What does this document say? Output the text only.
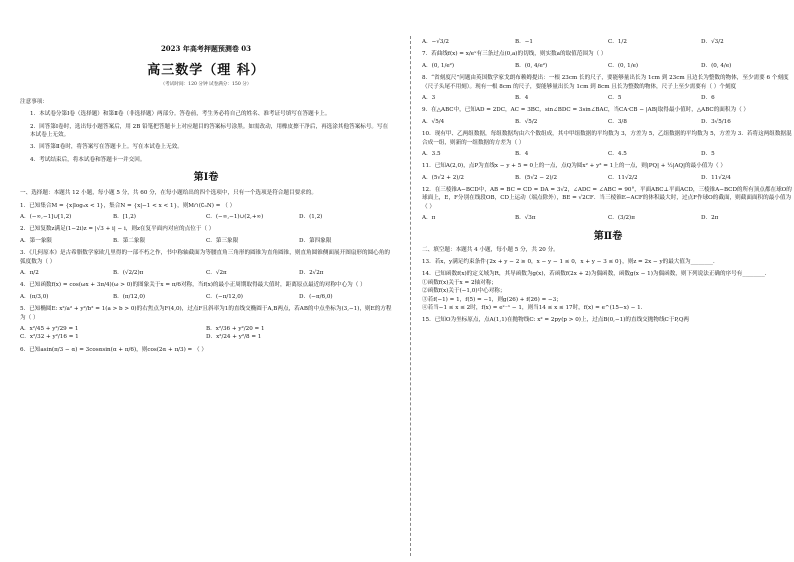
2023 年高考押题预测卷 03
高三数学（理 科）
（考试时间：120 分钟 试卷满分：150 分）
注意事项：
1．本试卷分第Ⅰ卷（选择题）和第Ⅱ卷（非选择题）两部分。答卷前，考生务必将自己的姓名、准考证号填写在答题卡上。
2．回答第Ⅰ卷时，选出每小题答案后，用 2B 铅笔把答题卡上对应题目的答案标号涂黑。如需改动，用橡皮擦干净后，再选涂其他答案标号。写在本试卷上无效。
3．回答第Ⅱ卷时，将答案写在答题卡上。写在本试卷上无效。
4．考试结束后，将本试卷和答题卡一并交回。
第Ⅰ卷
一、选择题：本题共 12 小题，每小题 5 分，共 60 分，在每小题给出的四个选项中，只有一个选项是符合题目要求的。
1．已知集合M = {x|log₃x < 1}，集合N = {x|−1 < x < 1}，则M∩(∁ₙN) = （ ）
A．(−∞,−1]∪[1,2)	B．[1,2)	C．(−∞,−1)∪(2,+∞)	D．(1,2)
2．已知复数z满足(1−2i)z = |√3 + i| − i，则z在复平面内对应的点位于（ ）
A．第一象限	B．第二象限	C．第三象限	D．第四象限
3．《几何原本》是古希腊数学家欧几里得的一部不朽之作，书中称轴截面为等腰直角三角形的圆锥为直角圆锥，则直角圆锥侧面展开图扇形的圆心角的弧度数为（ ）
A．π/2	B．(√2/2)π	C．√2π	D．2√2π
4．已知函数f(x) = cos(ωx + 3π/4)(ω > 0)的图象关于x = π/6对称，当f(x)的最小正周期取得最大值时，距离原点最近的对称中心为（ ）
A．(π/3,0)	B．(π/12,0)	C．(−π/12,0)	D．(−π/6,0)
5．已知椭圆E: x²/a² + y²/b² = 1(a > b > 0)的右焦点为F(4,0)，过点F且斜率为1的直线交椭圆于A,B两点，若AB的中点坐标为(3,−1)，则E的方程为（ ）
A．x²/45 + y²/29 = 1	B．x²/36 + y²/20 = 1
C．x²/32 + y²/16 = 1	D．x²/24 + y²/8 = 1
6．已知asin(π/3 − α) = 3cosαsin(α + π/6)，则cos(2α + π/3) = （ ）
A．−√3/2	B．−1	C．1/2	D．√3/2
7．若曲线f(x) = x/eˣ有三条过点(0,a)的切线，则实数a的取值范围为（ ）
A．(0, 1/e²)	B．(0, 4/e²)	C．(0, 1/e)	D．(0, 4/e)
8．“省刻度尺”问题由英国数学家戈朗布赖姆提出：一根 23cm 长的尺子，要能够量出长为 1cm 到 23cm 且边长为整数的物体，至少需要 6 个刻度（尺子头尾不用刻）。现有一根 8cm 的尺子，要能够量出长为 1cm 到 8cm 且长为整数的物体，尺子上至少需要有（ ）个刻度
A．3	B．4	C．5	D．6
9．在△ABC中，已知AD = 2DC，AC = 3BC，sin∠BDC = 3sin∠BAC，当CA·CB − |AB|取得最小值时，△ABC的面积为（ ）
A．√5/4	B．√5/2	C．3/8	D．3√5/16
10．现有甲、乙两组数据，每组数据均由六个数组成，其中甲组数据的平均数为 3，方差为 5，乙组数据的平均数为 5，方差为 3．若将这两组数据混合成一组，则新的一组数据的方差为（ ）
A．3.5	B．4	C．4.5	D．5
11．已知A(2,0)，点P为直线x − y + 5 = 0上的一点，点Q为圆x² + y² = 1上的一点，则|PQ| + ½|AQ|的最小值为（ ）
A．(5√2 + 2)/2	B．(5√2 − 2)/2	C．11√2/2	D．11√2/4
12．在三棱锥A−BCD中，AB = BC = CD = DA = 3√2，∠ADC = ∠ABC = 90°，平面ABC⊥平面ACD，三棱锥A−BCD的所有顶点都在球O的球面上，E，F分别在线段OB，CD上运动（端点除外），BE = √2CF．当三棱锥E−ACF的体积最大时，过点F作球O的截面，则截面面积的最小值为（ ）
A．π	B．√3π	C．(3/2)π	D．2π
第Ⅱ卷
二、填空题：本题共 4 小题，每小题 5 分，共 20 分。
13．若x，y满足约束条件{2x + y − 2 ≥ 0，x − y − 1 ≤ 0，x + y − 3 ≤ 0}，则z = 2x − y的最大值为________．
14．已知函数f(x)的定义域为R，其导函数为g(x)，若函数f(2x + 2)为偶函数，函数g(x − 1)为偶函数，则下列说法正确的序号有________．
①函数f(x)关于x = 2轴对称；
②函数f(x)关于(−1,0)中心对称；
③若f(−1) = 1，f(5) = −1，则g(26) + f(26) = −3；
④若当−1 ≤ x ≤ 2时，f(x) = eˣ⁻¹ − 1，则当14 ≤ x ≤ 17时，f(x) = e^(15−x) − 1．
15．已知O为坐标原点，点A(1,1)在抛物线C: x² = 2py(p > 0)上，过点B(0,−1)的直线交抛物线C于P,Q两
